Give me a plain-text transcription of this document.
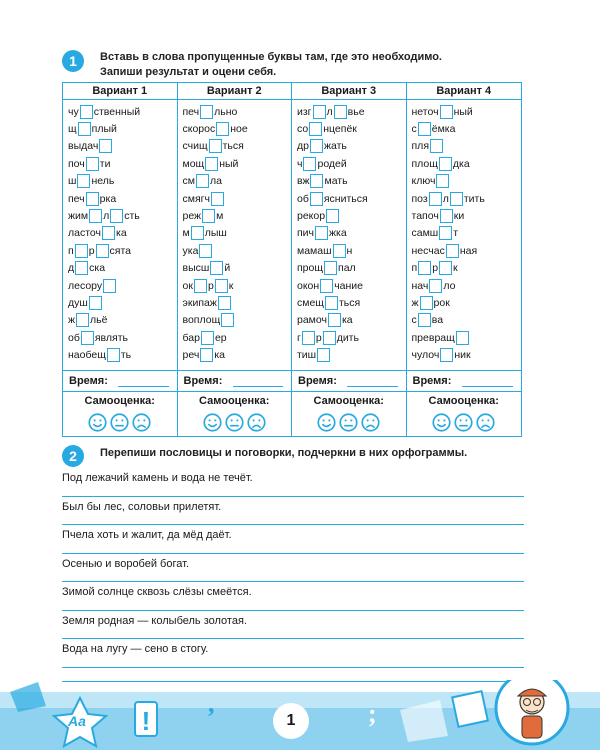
1	Вставь в слова пропущенные буквы там, где это необходимо.
Запиши результат и оцени себя.
Вариант 1
чу ственный
щ плый
выдач
поч ти
ш нель
печ рка
жим л сть
ласточ ка
п р сята
д ска
лесору
душ
ж льё
об являть
наобещ ть
Время:
Самооценка:
Вариант 2
печ льно
скорос ное
счищ ться
мощ ный
см ла
смягч
реж м
м лыш
ука
высш й
ок р к
экипаж
воплощ
бар ер
реч ка
Время:
Самооценка:
Вариант 3
изг л вье
со нцепёк
др жать
ч родей
вж мать
об ясниться
рекор
пич жка
мамаш н
прощ пал
окон чание
смещ ться
рамоч ка
г р дить
тиш
Время:
Самооценка:
Вариант 4
неточ ный
с ёмка
пля
площ дка
ключ
поз л тить
тапоч ки
самш т
несчас ная
п р к
нач ло
ж рок
с ва
превращ
чулоч ник
Время:
Самооценка:
2	Перепиши пословицы и поговорки, подчеркни в них орфограммы.
Под лежачий камень и вода не течёт.
Был бы лес, соловьи прилетят.
Пчела хоть и жалит, да мёд даёт.
Осенью и воробей богат.
Зимой солнце сквозь слёзы смеётся.
Земля родная — колыбель золотая.
Вода на лугу — сено в стогу.
!
,	;
Aa	1
